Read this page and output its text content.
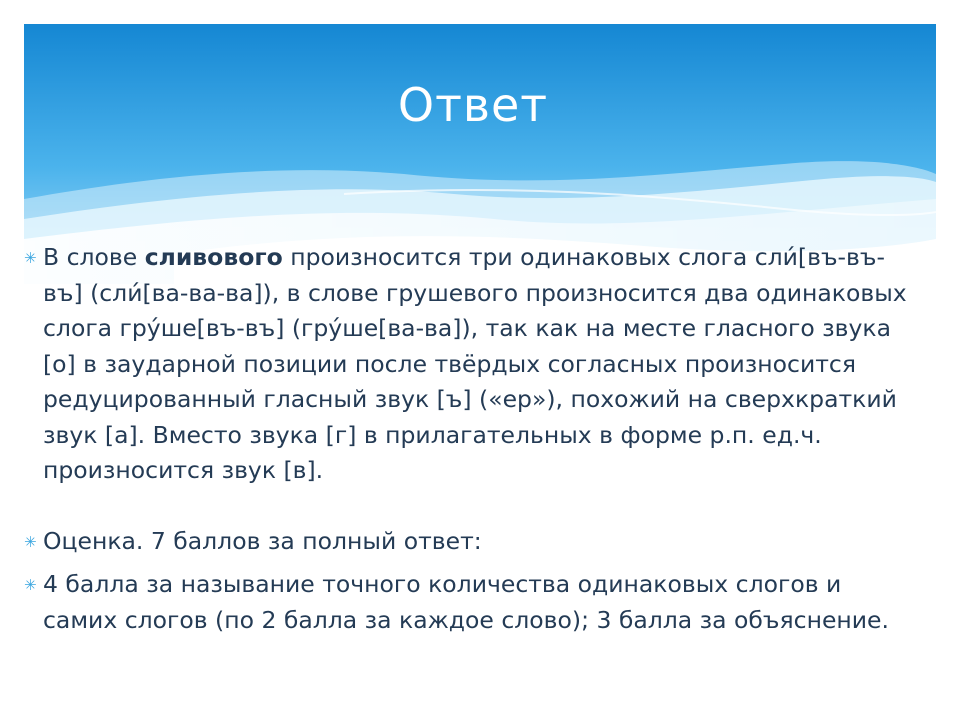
Ответ
✳ В слове сливового произносится три одинаковых слога сли́[въ-въ-въ] (сли́[ва-ва-ва]), в слове грушевого произносится два одинаковых слога гру́ше[въ-въ] (гру́ше[ва-ва]), так как на месте гласного звука [о] в заударной позиции после твёрдых согласных произносится редуцированный гласный звук [ъ] («ер»), похожий на сверхкраткий звук [а]. Вместо звука [г] в прилагательных в форме р.п. ед.ч. произносится звук [в].
✳ Оценка. 7 баллов за полный ответ:
✳ 4 балла за называние точного количества одинаковых слогов и самих слогов (по 2 балла за каждое слово); 3 балла за объяснение.
